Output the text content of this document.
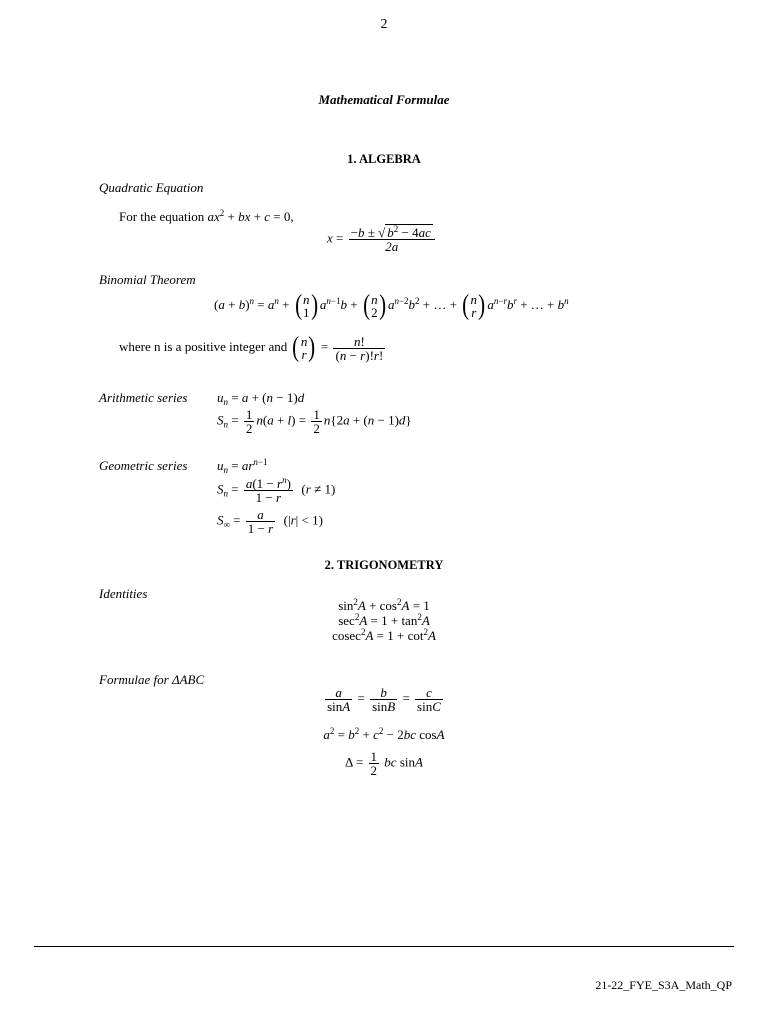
2
Mathematical Formulae
1. ALGEBRA
Quadratic Equation
For the equation $ax^2$ + bx + c = 0,
$x = \frac{-b \pm √ b^2 - 4ac}{2a}$
Binomial Theorem
$(a + b)^n = a^n$ + ( n
1 ) $a^{n-1}b$ + ( n
2 ) $a^{n-2}b^2$ + … + ( n
r ) $a^{n-r}b^r$ + … + $b^n$
where n is a positive integer and ( n
r ) = $\frac{n!}{(n - r)!r!}$
Arithmetic series $u_n = a + (n - 1)d$
$S_n = \frac{1}{2} n(a + l) = \frac{1}{2} n\{2a + (n - 1)d\}$
Geometric series $u_n = ar^{n-1}$
$S_n = \frac{a(1 - r^n)}{1 - r} (r \ne 1)$
$S_\infty = \frac{a}{1 - r} (|r| < 1)$
2. TRIGONOMETRY
Identities
$\sin^2A + \cos^2A = 1$
$\sec^2A = 1 + \tan^2A$
$cosec^2A = 1 + \cot^2A$
Formulae for ΔABC
$\frac{a}{\sin A} = \frac{b}{\sin B} = \frac{c}{\sin C}$
$a^2 = b^2 + c^2 - 2bc$ cosA
$\Delta = \frac{1}{2}$ bc sinA
21-22_FYE_S3A_Math_QP
